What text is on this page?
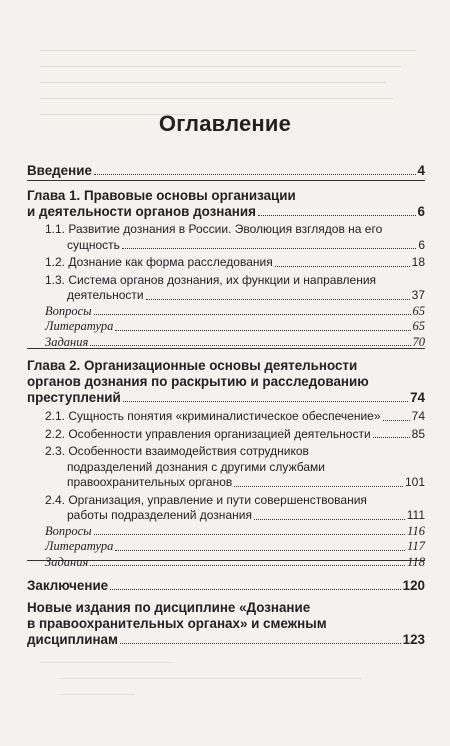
Оглавление
Введение	4
Глава 1. Правовые основы организации
и деятельности органов дознания	6
1.1. Развитие дознания в России. Эволюция взглядов на его
сущность	6
1.2. Дознание как форма расследования	18
1.3. Система органов дознания, их функции и направления
деятельности	37
Вопросы	65
Литература	65
Задания	70
Глава 2. Организационные основы деятельности
органов дознания по раскрытию и расследованию
преступлений	74
2.1. Сущность понятия «криминалистическое обеспечение»	74
2.2. Особенности управления организацией деятельности	85
2.3. Особенности взаимодействия сотрудников
подразделений дознания с другими службами
правоохранительных органов	101
2.4. Организация, управление и пути совершенствования
работы подразделений дознания	111
Вопросы	116
Литература	117
Задания	118
Заключение	120
Новые издания по дисциплине «Дознание
в правоохранительных органах» и смежным
дисциплинам	123
